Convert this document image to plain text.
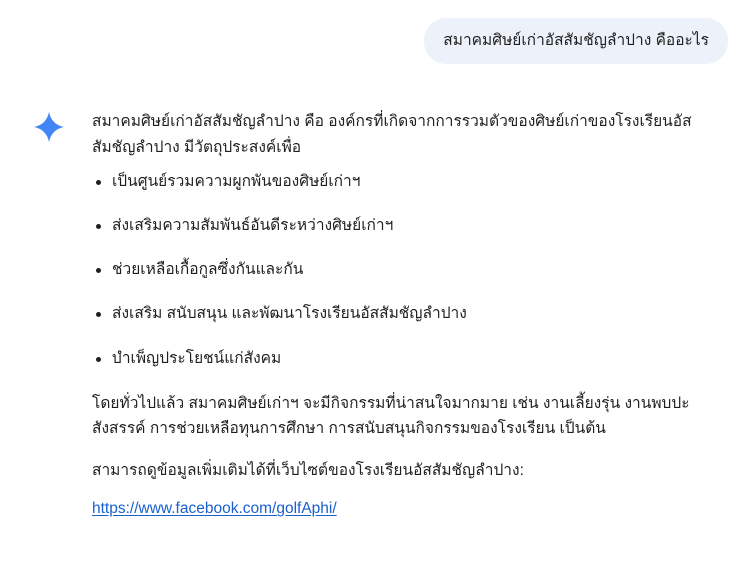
สมาคมศิษย์เก่าอัสสัมชัญลำปาง คืออะไร

สมาคมศิษย์เก่าอัสสัมชัญลำปาง คือ องค์กรที่เกิดจากการรวมตัวของศิษย์เก่าของโรงเรียนอัสสัมชัญลำปาง มีวัตถุประสงค์เพื่อ

เป็นศูนย์รวมความผูกพันของศิษย์เก่าฯ
ส่งเสริมความสัมพันธ์อันดีระหว่างศิษย์เก่าฯ
ช่วยเหลือเกื้อกูลซึ่งกันและกัน
ส่งเสริม สนับสนุน และพัฒนาโรงเรียนอัสสัมชัญลำปาง
บำเพ็ญประโยชน์แก่สังคม

โดยทั่วไปแล้ว สมาคมศิษย์เก่าฯ จะมีกิจกรรมที่น่าสนใจมากมาย เช่น งานเลี้ยงรุ่น งานพบปะสังสรรค์ การช่วยเหลือทุนการศึกษา การสนับสนุนกิจกรรมของโรงเรียน เป็นต้น

สามารถดูข้อมูลเพิ่มเติมได้ที่เว็บไซต์ของโรงเรียนอัสสัมชัญลำปาง:

https://www.facebook.com/golfAphi/
